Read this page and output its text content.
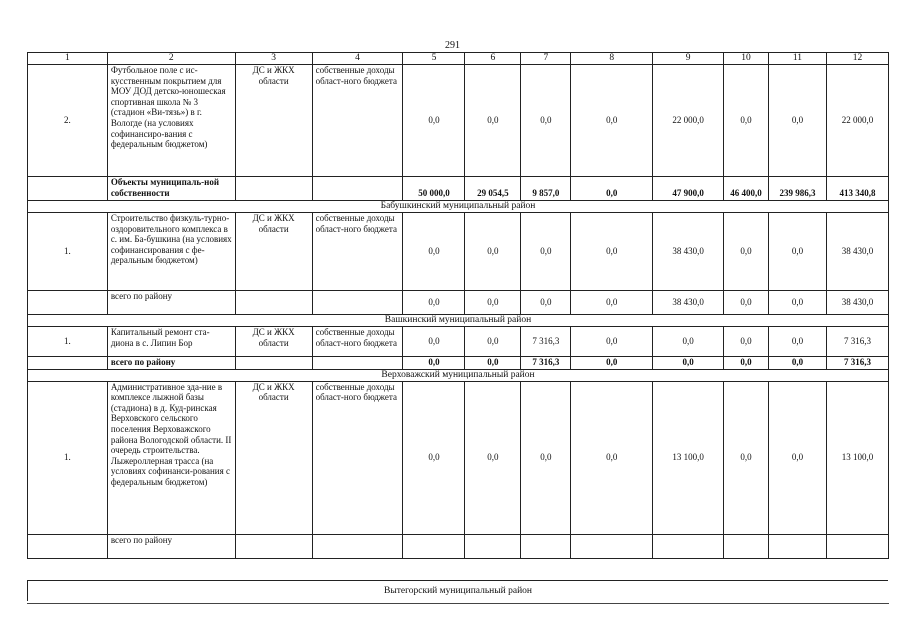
291
1	2	3	4	5	6	7	8	9	10	11	12
2.	Футбольное поле с ис-кусственным покрытием для МОУ ДОД детско-юношеская спортивная школа № 3 (стадион «Ви-тязь») в г. Вологде (на условиях софинансиро-вания с федеральным бюджетом)	ДС и ЖКХ области	собственные доходы област-ного бюджета	0,0	0,0	0,0	0,0	22 000,0	0,0	0,0	22 000,0
	Объекты муниципаль-ной собственности			50 000,0	29 054,5	9 857,0	0,0	47 900,0	46 400,0	239 986,3	413 340,8
Бабушкинский муниципальный район											
1.	Строительство физкуль-турно-оздоровительного комплекса в с. им. Ба-бушкина (на условиях софинансирования с фе-деральным бюджетом)	ДС и ЖКХ области	собственные доходы област-ного бюджета	0,0	0,0	0,0	0,0	38 430,0	0,0	0,0	38 430,0
	всего по району			0,0	0,0	0,0	0,0	38 430,0	0,0	0,0	38 430,0
Вашкинский муниципальный район											
1.	Капитальный ремонт ста-диона в с. Липин Бор	ДС и ЖКХ области	собственные доходы област-ного бюджета	0,0	0,0	7 316,3	0,0	0,0	0,0	0,0	7 316,3
	всего по району			0,0	0,0	7 316,3	0,0	0,0	0,0	0,0	7 316,3
Верховажский муниципальный район											
1.	Административное зда-ние в комплексе лыжной базы (стадиона) в д. Куд-ринская Верховского сельского поселения Верховажского района Вологодской области. II очередь строительства. Лыжероллерная трасса (на условиях софинанси-рования с федеральным бюджетом)	ДС и ЖКХ области	собственные доходы област-ного бюджета	0,0	0,0	0,0	0,0	13 100,0	0,0	0,0	13 100,0
	всего по району										
Вытегорский муниципальный район
